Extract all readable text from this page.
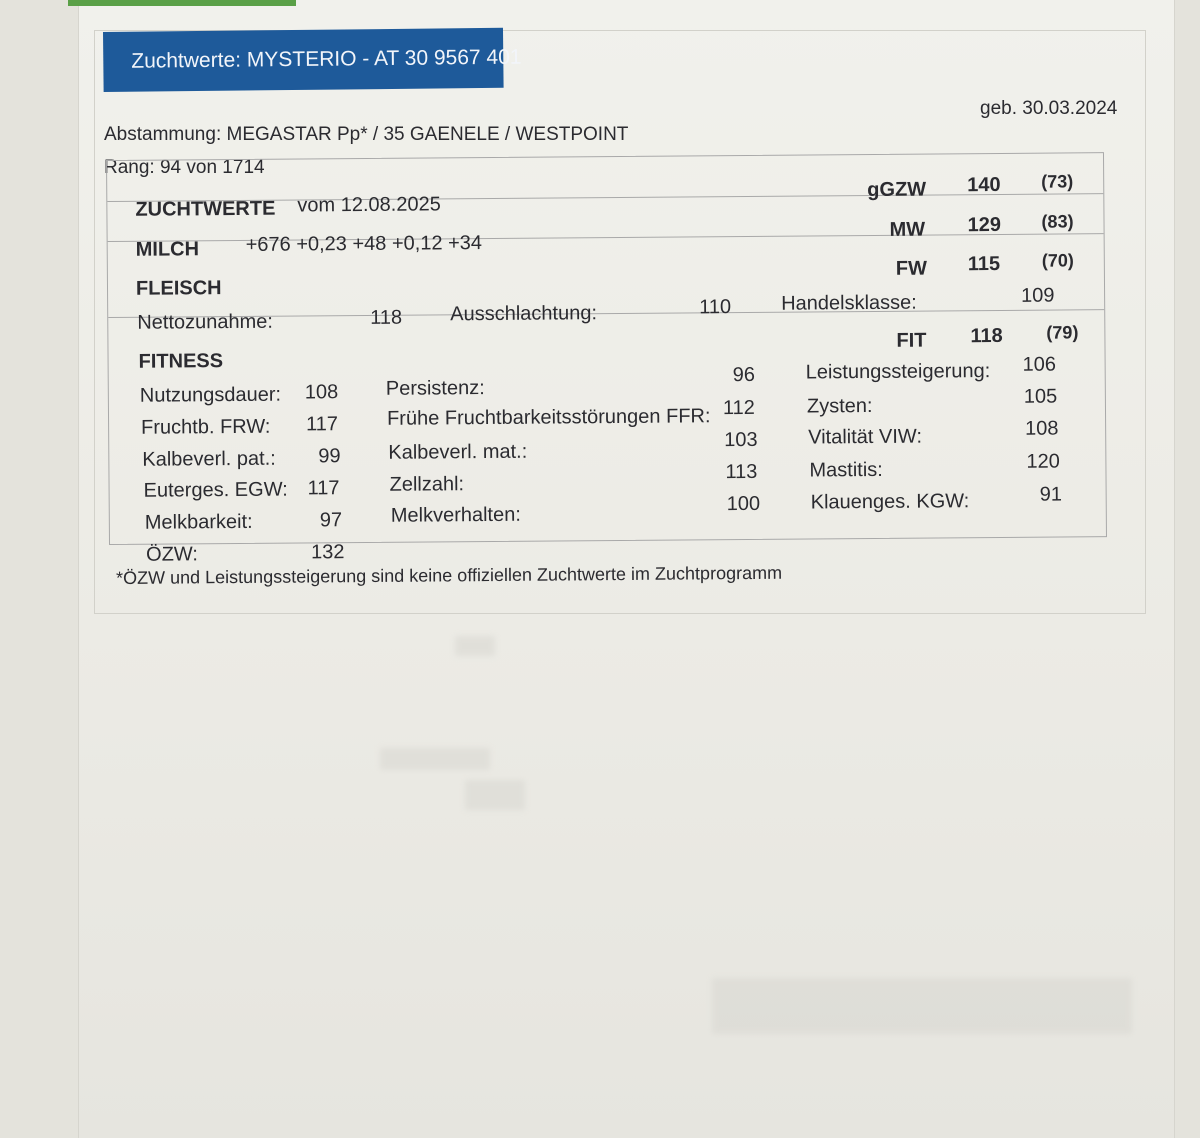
Zuchtwerte: MYSTERIO - AT 30 9567 401
Abstammung: MEGASTAR Pp* / 35 GAENELE / WESTPOINT
Rang: 94 von 1714
geb. 30.03.2024
ZUCHTWERTE vom 12.08.2025
gGZW 140 (73)
MILCH +676 +0,23 +48 +0,12 +34
MW 129 (83)
FLEISCH
FW 115 (70)
Nettozunahme:	118 Ausschlachtung:	110 Handelsklasse:	109
FITNESS
FIT 118 (79)
Nutzungsdauer: 108
Fruchtb. FRW: 117
Kalbeverl. pat.: 99
Euterges. EGW: 117
Melkbarkeit:	97
ÖZW:	132
Persistenz:
96
Frühe Fruchtbarkeitsstörungen FFR: 112
Kalbeverl. mat.:
103
Zellzahl:
113
Melkverhalten:	100
Leistungssteigerung: 106
Zysten:	105
Vitalität VIW:	108
Mastitis:	120
Klauenges. KGW:	91
*ÖZW und Leistungssteigerung sind keine offiziellen Zuchtwerte im Zuchtprogramm
